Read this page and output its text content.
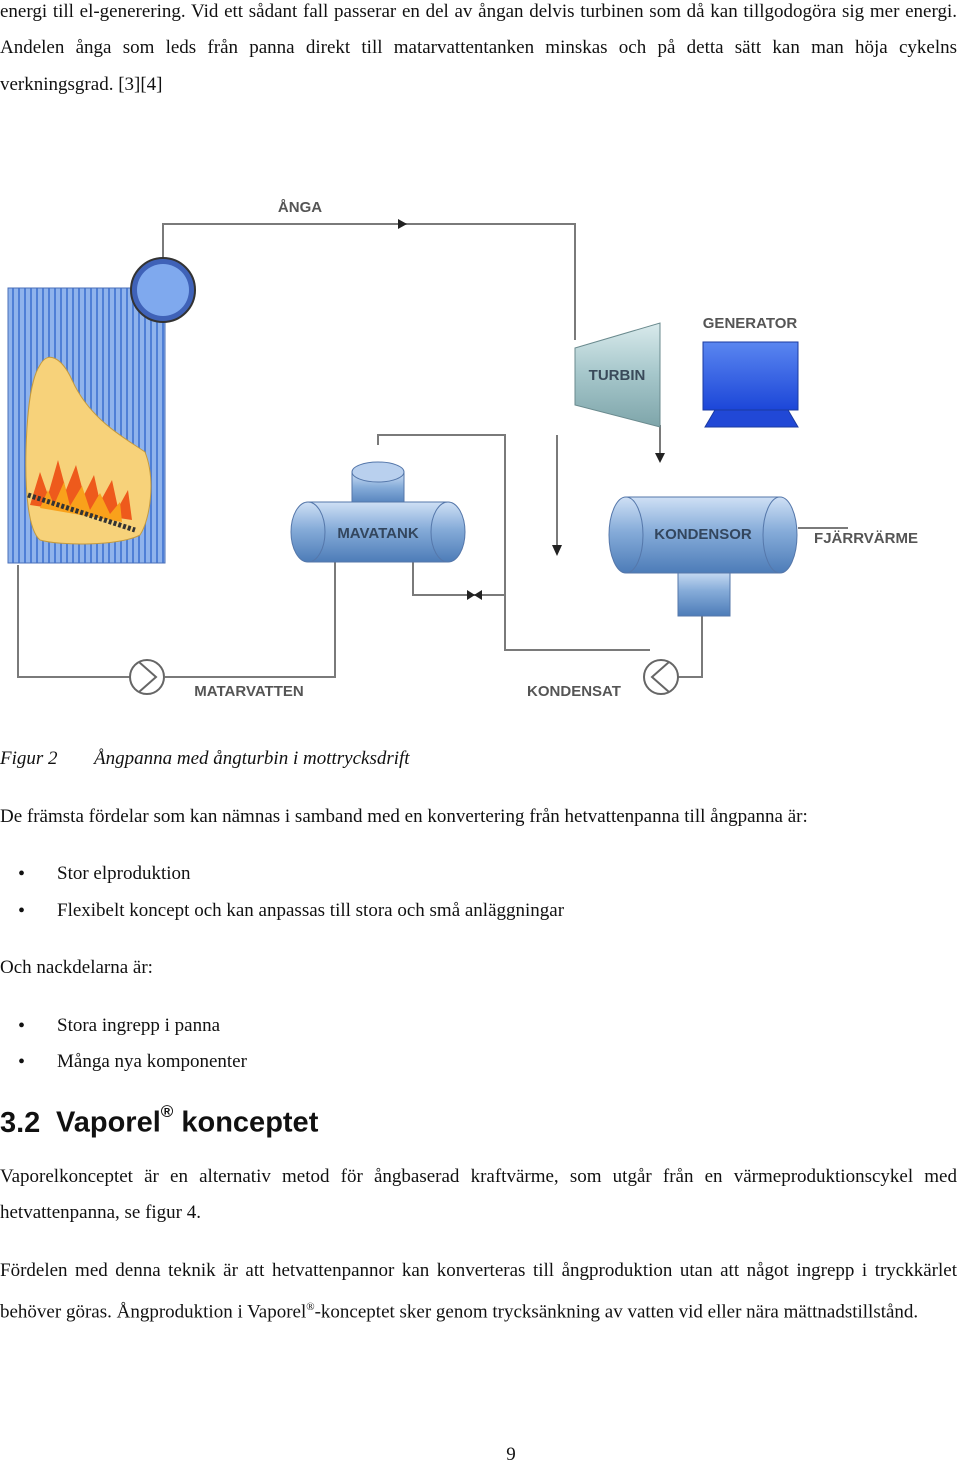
energi till el-generering. Vid ett sådant fall passerar en del av ångan delvis turbinen som då kan tillgodogöra sig mer energi. Andelen ånga som leds från panna direkt till matarvattentanken minskas och på detta sätt kan man höja cykelns verkningsgrad. [3][4]

TURBIN
GENERATOR
MAVATANK	KONDENSOR
ÅNGA
FJÄRRVÄRME
MATARVATTEN	KONDENSAT
Figur 2 Ångpanna med ångturbin i mottrycksdrift
De främsta fördelar som kan nämnas i samband med en konvertering från hetvattenpanna till ångpanna är:
• Stor elproduktion
• Flexibelt koncept och kan anpassas till stora och små anläggningar
Och nackdelarna är:
• Stora ingrepp i panna
• Många nya komponenter
3.2 Vaporel® konceptet

Vaporelkonceptet är en alternativ metod för ångbaserad kraftvärme, som utgår från en värmeproduktionscykel med hetvattenpanna, se figur 4.

Fördelen med denna teknik är att hetvattenpannor kan konverteras till ångproduktion utan att något ingrepp i tryckkärlet behöver göras. Ångproduktion i Vaporel®-konceptet sker genom trycksänkning av vatten vid eller nära mättnadstillstånd.

9
